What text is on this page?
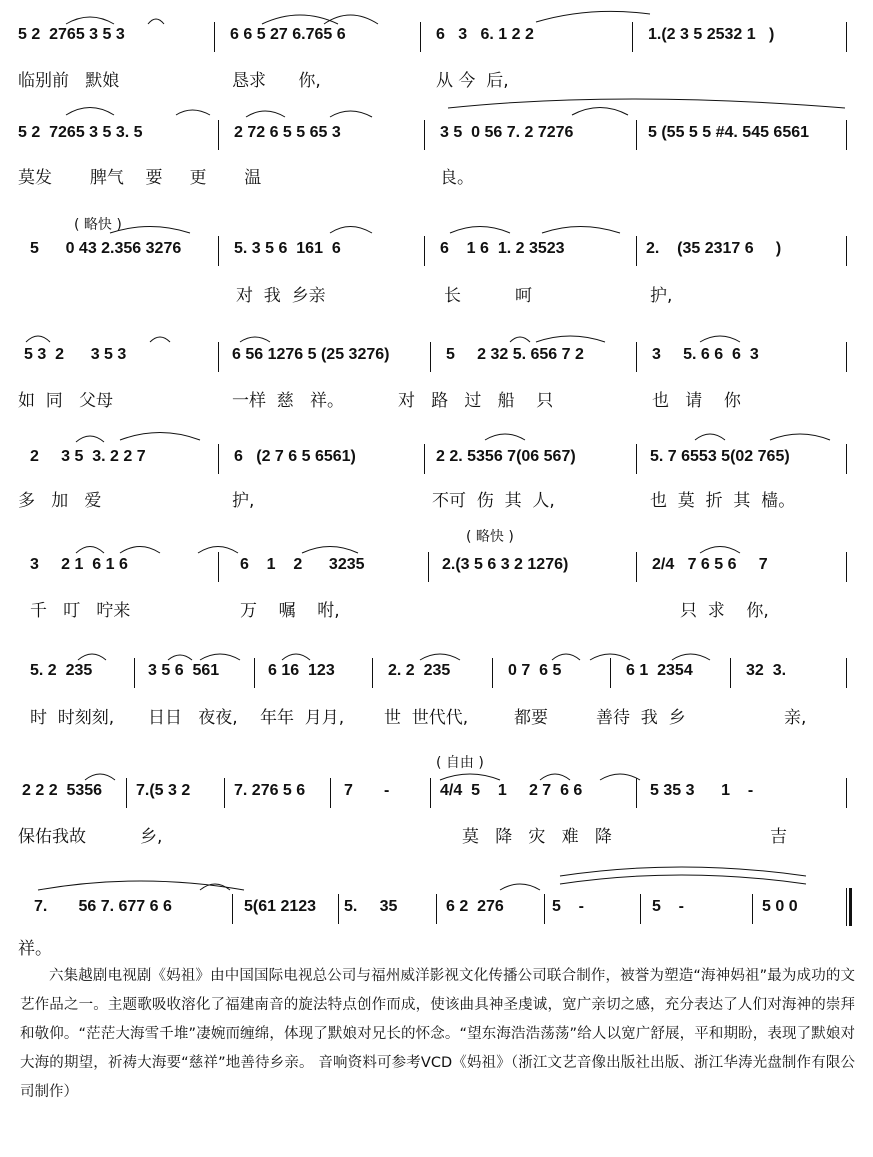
5 2  2765 3 5 3	6 6 5 27 6.765 6	6   3   6. 1 2 2	1.(2 3 5 2532 1   )
临别前   默娘	恳求      你,	从 今  后,
5 2  7265 3 5 3. 5	2 72 6 5 5 65 3	3 5  0 56 7. 2 7276	5 (55 5 5 #4. 545 6561
莫发       脾气    要     更       温	良。
( 略快 )
5      0 43 2.356 3276	5. 3 5 6  161  6	6    1 6  1. 2 3523	2.    (35 2317 6     )
对  我  乡亲	长          呵	护,
5 3  2      3 5 3	6 56 1276 5 (25 3276)	5     2 32 5. 656 7 2	3     5. 6 6  6  3
如  同   父母	一样  慈   祥。	对   路   过   船    只	也   请    你
2     3 5  3. 2 2 7	6   (2 7 6 5 6561)	2 2. 5356 7(06 567)	5. 7 6553 5(02 765)
多   加   爱	护,	不可  伤  其  人,	也  莫  折  其  樯。
( 略快 )
3     2 1  6 1 6	6    1    2      3235	2.(3 5 6 3 2 1276)	2/4   7 6 5 6     7
千   叮   咛来	万    嘱    咐,	只  求    你,
5. 2  235	3 5 6  561	6 16  123	2. 2  235	0 7  6 5	6 1  2354	32  3.
时  时刻刻, 日日   夜夜, 年年  月月, 世  世代代,	都要	善待  我  乡	亲,
( 自由 )
2 2 2  5356 7.(5 3 2	7. 276 5 6 7       -	4/4  5    1     2 7  6 6	5 35 3      1    -
保佑我故	乡,	莫   降   灾   难   降	吉
7.       56 7. 677 6 6	5(61 2123 5.     35	6 2  276	5    -	5    -	5 0 0
祥。
六集越剧电视剧《妈祖》由中国国际电视总公司与福州威洋影视文化传播公司联合制作，被誉为塑造“海神妈祖”最为成功的文艺作品之一。主题歌吸收溶化了福建南音的旋法特点创作而成，使该曲具神圣虔诚，宽广亲切之感，充分表达了人们对海神的崇拜和敬仰。“茫茫大海雪千堆”凄婉而缠绵，体现了默娘对兄长的怀念。“望东海浩浩荡荡”给人以宽广舒展，平和期盼，表现了默娘对大海的期望，祈祷大海要“慈祥”地善待乡亲。 音响资料可参考VCD《妈祖》（浙江文艺音像出版社出版、浙江华涛光盘制作有限公司制作）
